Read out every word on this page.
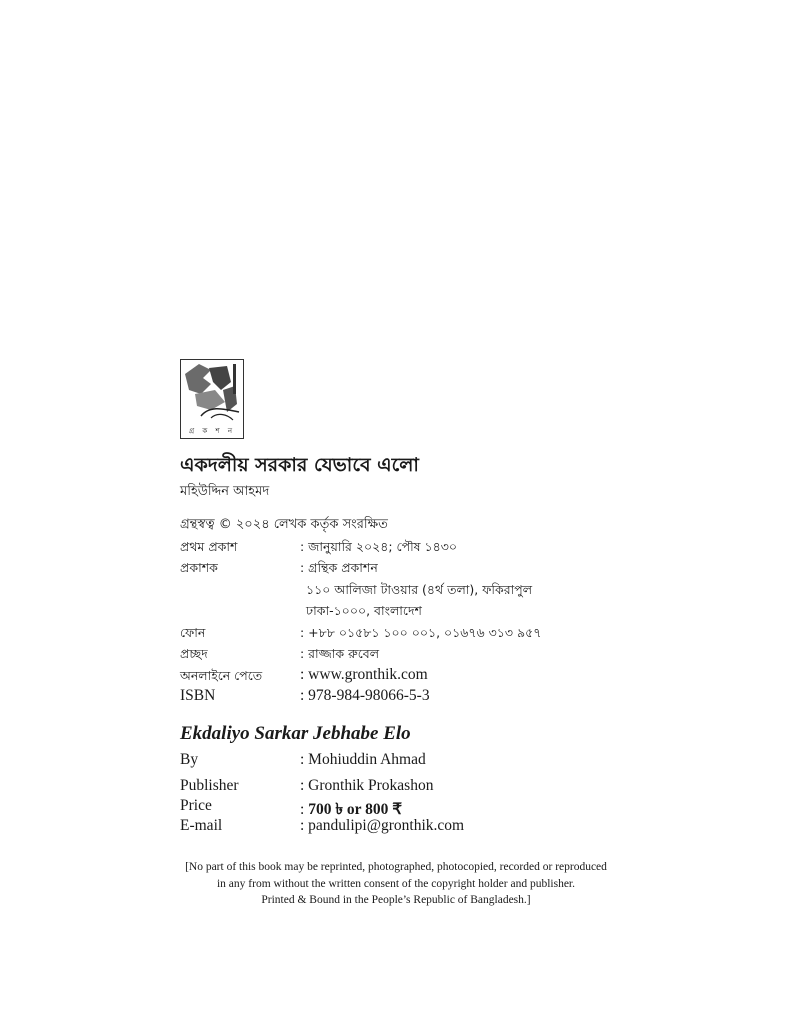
গ্র ক শ ন
একদলীয় সরকার যেভাবে এলো
মহিউদ্দিন আহমদ
গ্রন্থস্বত্ব © ২০২৪ লেখক কর্তৃক সংরক্ষিত
প্রথম প্রকাশ	: জানুয়ারি ২০২৪; পৌষ ১৪৩০
প্রকাশক	: গ্রন্থিক প্রকাশন
১১০ আলিজা টাওয়ার (৪র্থ তলা), ফকিরাপুল
ঢাকা-১০০০, বাংলাদেশ
ফোন	: +৮৮ ০১৫৮১ ১০০ ০০১, ০১৬৭৬ ৩১৩ ৯৫৭
প্রচ্ছদ	: রাজ্জাক রুবেল
অনলাইনে পেতে : www.gronthik.com
ISBN	: 978-984-98066-5-3
Ekdaliyo Sarkar Jebhabe Elo
By	: Mohiuddin Ahmad
Publisher	: Gronthik Prokashon
Price	: 700 ৳ or 800 ₹
E-mail	: pandulipi@gronthik.com
[No part of this book may be reprinted, photographed, photocopied, recorded or reproduced
in any from without the written consent of the copyright holder and publisher.
Printed & Bound in the People’s Republic of Bangladesh.]
